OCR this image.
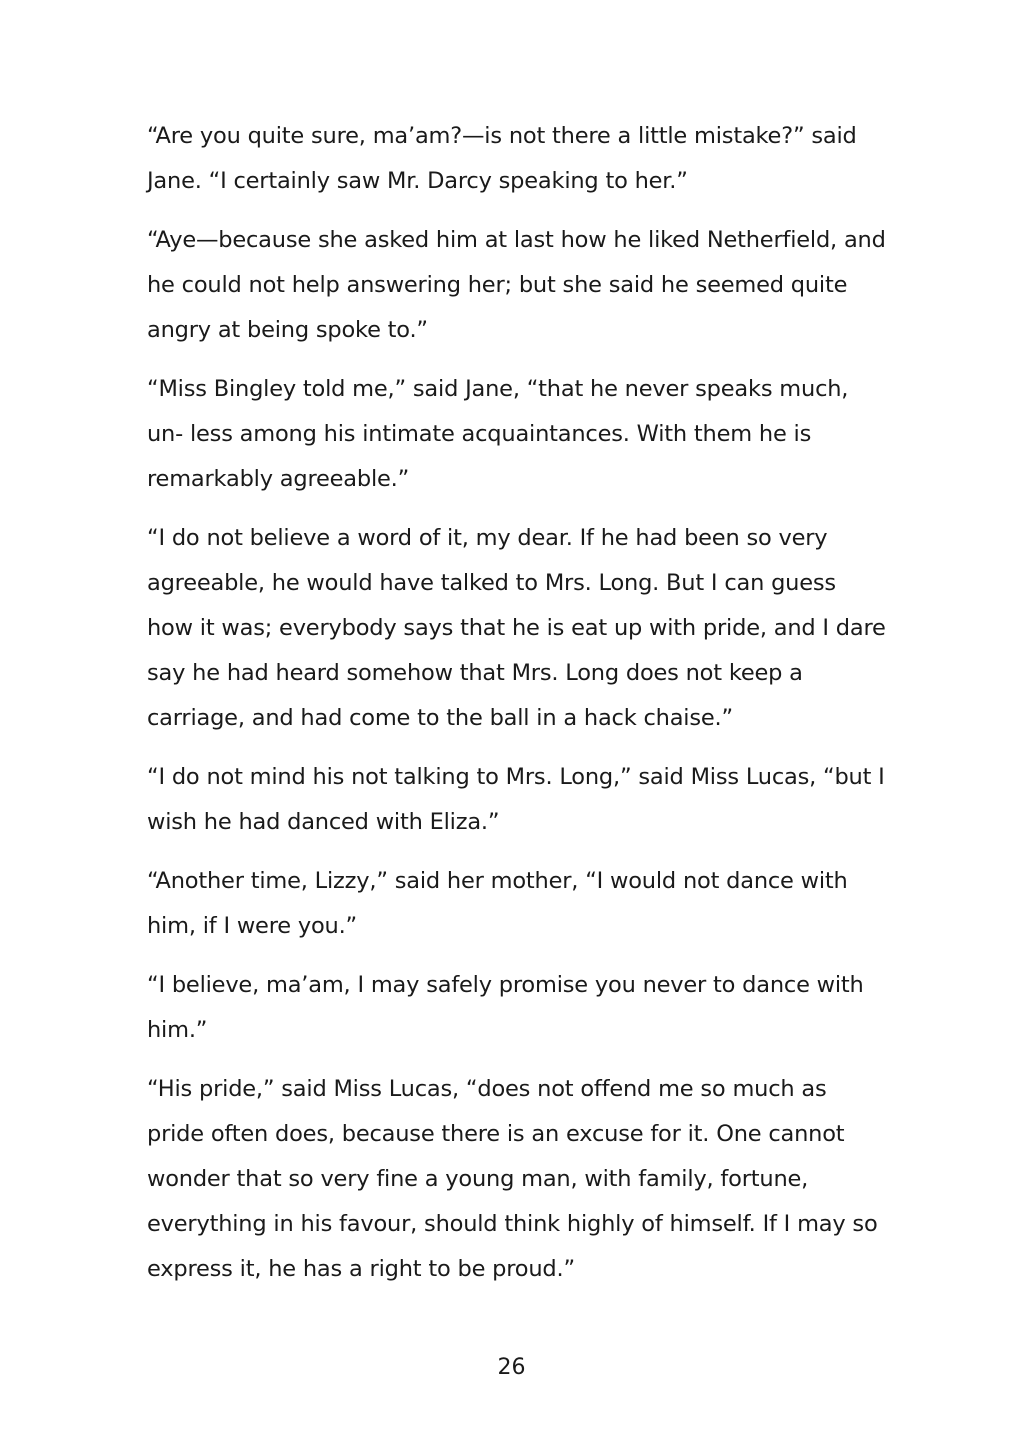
“Are you quite sure, ma’am?—is not there a little mistake?” said Jane. “I certainly saw Mr. Darcy speaking to her.”

“Aye—because she asked him at last how he liked Netherfield, and he could not help answering her; but she said he seemed quite angry at being spoke to.”

“Miss Bingley told me,” said Jane, “that he never speaks much, un- less among his intimate acquaintances. With them he is remarkably agreeable.”

“I do not believe a word of it, my dear. If he had been so very agreeable, he would have talked to Mrs. Long. But I can guess how it was; everybody says that he is eat up with pride, and I dare say he had heard somehow that Mrs. Long does not keep a carriage, and had come to the ball in a hack chaise.”

“I do not mind his not talking to Mrs. Long,” said Miss Lucas, “but I wish he had danced with Eliza.”

“Another time, Lizzy,” said her mother, “I would not dance with him, if I were you.”

“I believe, ma’am, I may safely promise you never to dance with him.”

“His pride,” said Miss Lucas, “does not offend me so much as pride often does, because there is an excuse for it. One cannot wonder that so very fine a young man, with family, fortune, everything in his favour, should think highly of himself. If I may so express it, he has a right to be proud.”

26
